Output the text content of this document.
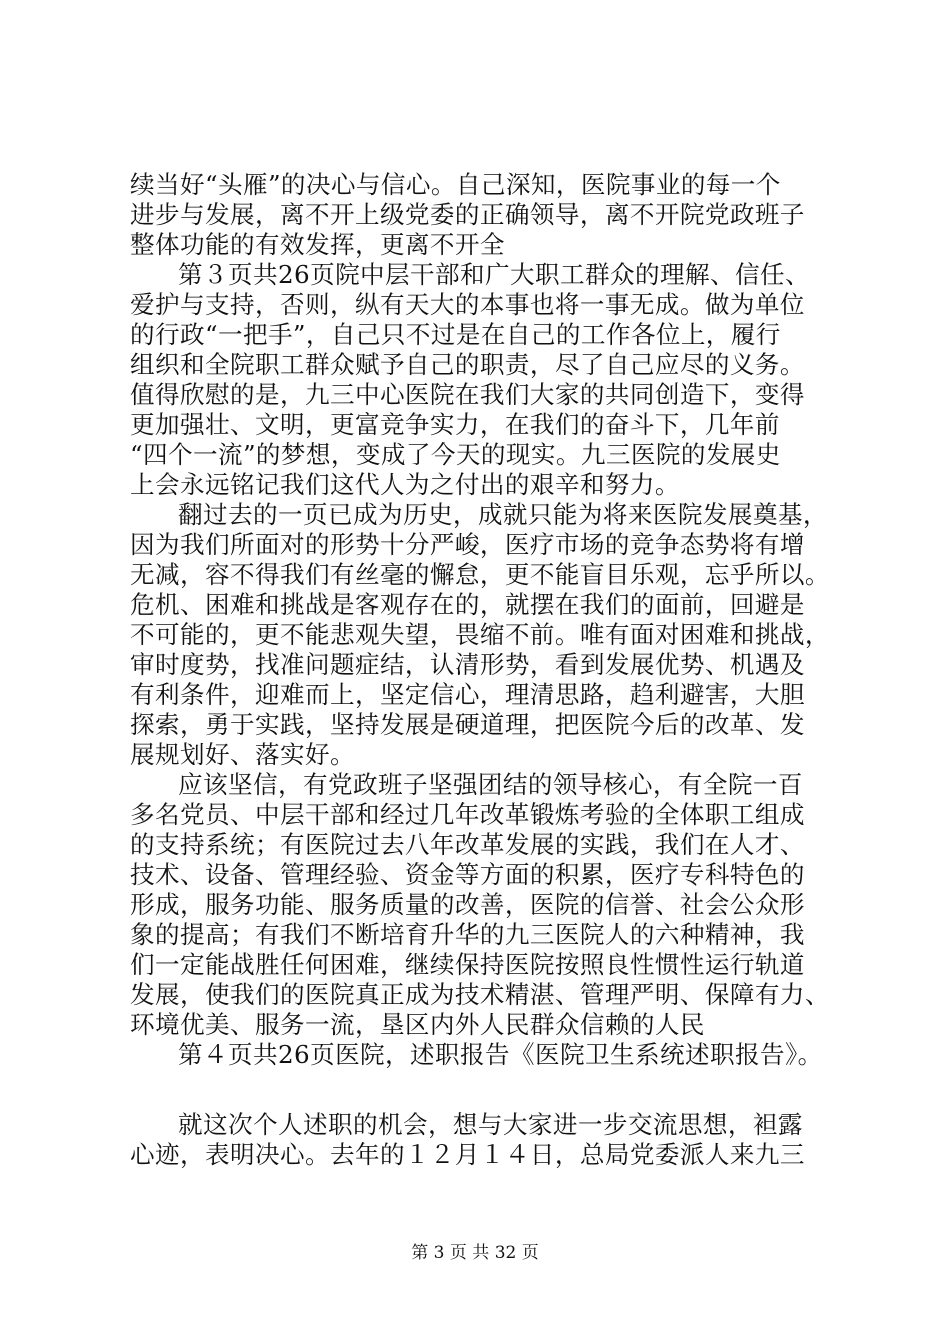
续当好“头雁”的决心与信心。自己深知，医院事业的每一个
进步与发展，离不开上级党委的正确领导，离不开院党政班子
整体功能的有效发挥，更离不开全
第３页共26页院中层干部和广大职工群众的理解、信任、
爱护与支持，否则，纵有天大的本事也将一事无成。做为单位
的行政“一把手”，自己只不过是在自己的工作各位上，履行
组织和全院职工群众赋予自己的职责，尽了自己应尽的义务。
值得欣慰的是，九三中心医院在我们大家的共同创造下，变得
更加强壮、文明，更富竞争实力，在我们的奋斗下，几年前
“四个一流”的梦想，变成了今天的现实。九三医院的发展史
上会永远铭记我们这代人为之付出的艰辛和努力。
翻过去的一页已成为历史，成就只能为将来医院发展奠基，
因为我们所面对的形势十分严峻，医疗市场的竞争态势将有增
无减，容不得我们有丝毫的懈怠，更不能盲目乐观，忘乎所以。
危机、困难和挑战是客观存在的，就摆在我们的面前，回避是
不可能的，更不能悲观失望，畏缩不前。唯有面对困难和挑战，
审时度势，找准问题症结，认清形势，看到发展优势、机遇及
有利条件，迎难而上，坚定信心，理清思路，趋利避害，大胆
探索，勇于实践，坚持发展是硬道理，把医院今后的改革、发
展规划好、落实好。
应该坚信，有党政班子坚强团结的领导核心，有全院一百
多名党员、中层干部和经过几年改革锻炼考验的全体职工组成
的支持系统；有医院过去八年改革发展的实践，我们在人才、
技术、设备、管理经验、资金等方面的积累，医疗专科特色的
形成，服务功能、服务质量的改善，医院的信誉、社会公众形
象的提高；有我们不断培育升华的九三医院人的六种精神，我
们一定能战胜任何困难，继续保持医院按照良性惯性运行轨道
发展，使我们的医院真正成为技术精湛、管理严明、保障有力、
环境优美、服务一流，垦区内外人民群众信赖的人民
第４页共26页医院，述职报告《医院卫生系统述职报告》。
就这次个人述职的机会，想与大家进一步交流思想，袒露
心迹，表明决心。去年的１２月１４日，总局党委派人来九三
第 3 页 共 32 页
